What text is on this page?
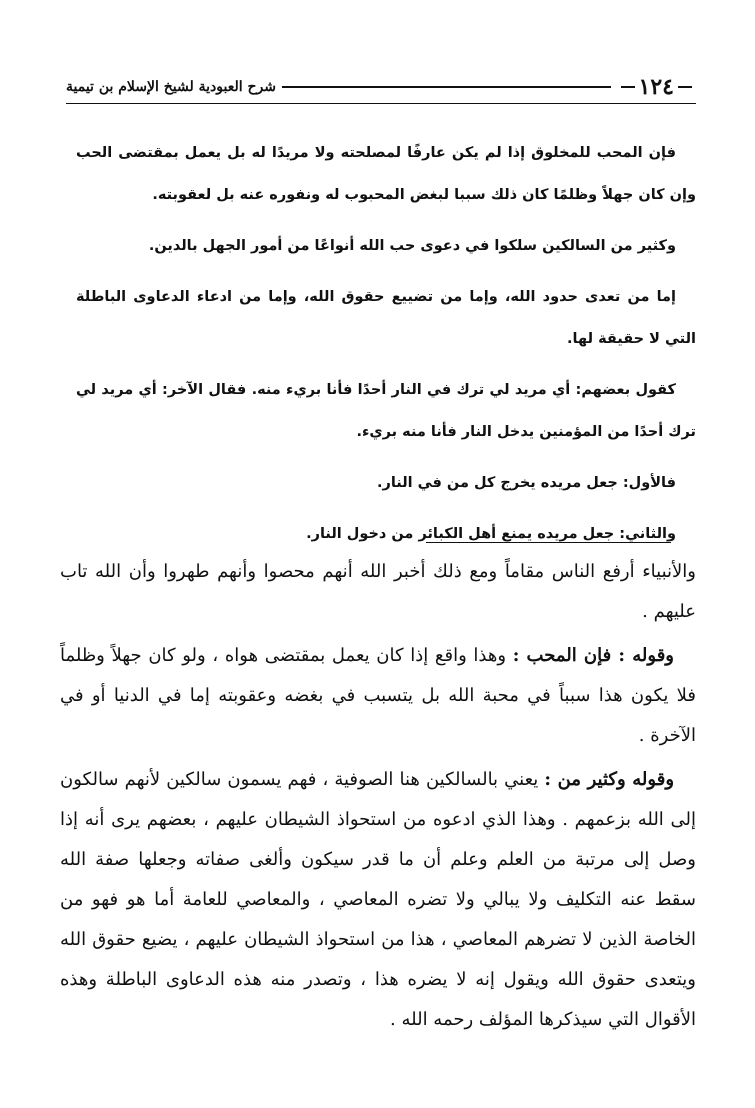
١٢٤
شرح العبودية لشيخ الإسلام بن تيمية

فإن المحب للمخلوق إذا لم يكن عارفًا لمصلحته ولا مريدًا له بل يعمل بمقتضى الحب وإن كان جهلاً وظلمًا كان ذلك سببا لبغض المحبوب له ونفوره عنه بل لعقوبته.

وكثير من السالكين سلكوا في دعوى حب الله أنواعًا من أمور الجهل بالدين.

إما من تعدى حدود الله، وإما من تضييع حقوق الله، وإما من ادعاء الدعاوى الباطلة التي لا حقيقة لها.

كقول بعضهم: أي مريد لي ترك في النار أحدًا فأنا بريء منه. فقال الآخر: أي مريد لي ترك أحدًا من المؤمنين يدخل النار فأنا منه بريء.

فالأول: جعل مريده يخرج كل من في النار.

والثاني: جعل مريده يمنع أهل الكبائر من دخول النار.

والأنبياء أرفع الناس مقاماً ومع ذلك أخبر الله أنهم محصوا وأنهم طهروا وأن الله تاب عليهم .

وقوله : فإن المحب : وهذا واقع إذا كان يعمل بمقتضى هواه ، ولو كان جهلاً وظلماً فلا يكون هذا سبباً في محبة الله بل يتسبب في بغضه وعقوبته إما في الدنيا أو في الآخرة .

وقوله وكثير من : يعني بالسالكين هنا الصوفية ، فهم يسمون سالكين لأنهم سالكون إلى الله بزعمهم . وهذا الذي ادعوه من استحواذ الشيطان عليهم ، بعضهم يرى أنه إذا وصل إلى مرتبة من العلم وعلم أن ما قدر سيكون وألغى صفاته وجعلها صفة الله سقط عنه التكليف ولا يبالي ولا تضره المعاصي ، والمعاصي للعامة أما هو فهو من الخاصة الذين لا تضرهم المعاصي ، هذا من استحواذ الشيطان عليهم ، يضيع حقوق الله ويتعدى حقوق الله ويقول إنه لا يضره هذا ، وتصدر منه هذه الدعاوى الباطلة وهذه الأقوال التي سيذكرها المؤلف رحمه الله .
